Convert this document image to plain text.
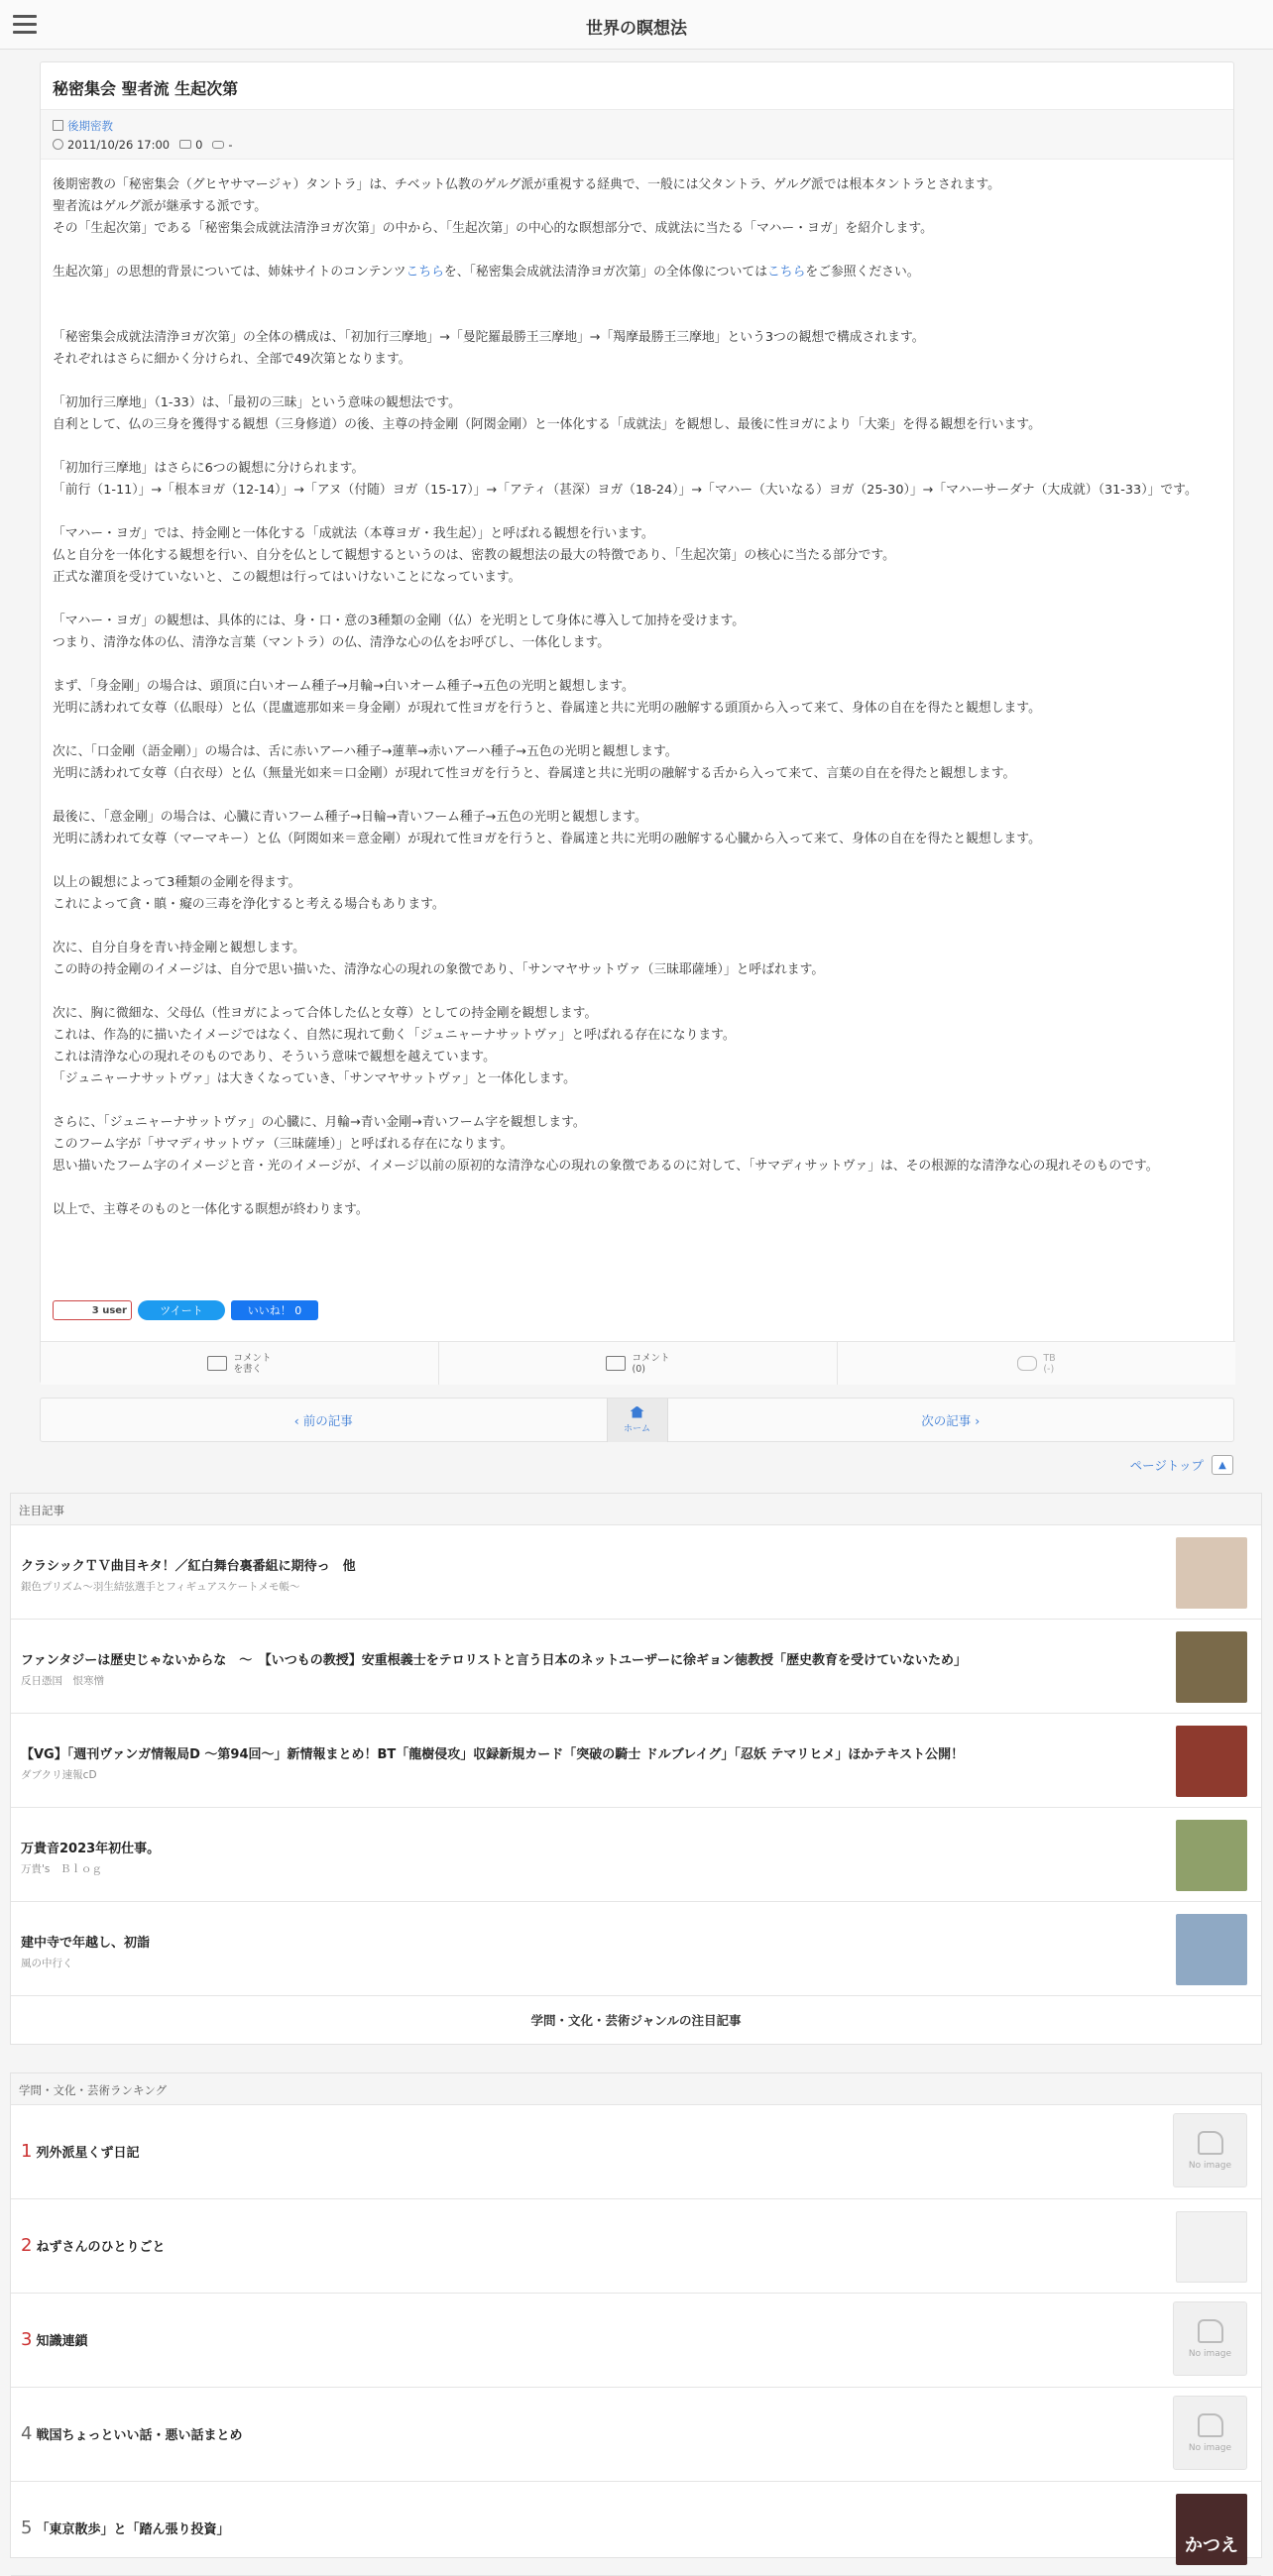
世界の瞑想法
秘密集会 聖者流 生起次第
後期密教
2011/10/26 17:00 0 -

後期密教の「秘密集会（グヒヤサマージャ）タントラ」は、チベット仏教のゲルグ派が重視する経典で、一般には父タントラ、ゲルグ派では根本タントラとされます。
聖者流はゲルグ派が継承する派です。
その「生起次第」である「秘密集会成就法清浄ヨガ次第」の中から、「生起次第」の中心的な瞑想部分で、成就法に当たる「マハー・ヨガ」を紹介します。

生起次第」の思想的背景については、姉妹サイトのコンテンツこちらを、「秘密集会成就法清浄ヨガ次第」の全体像についてはこちらをご参照ください。

「秘密集会成就法清浄ヨガ次第」の全体の構成は、「初加行三摩地」→「曼陀羅最勝王三摩地」→「羯摩最勝王三摩地」という3つの観想で構成されます。
それぞれはさらに細かく分けられ、全部で49次第となります。

「初加行三摩地」（1-33）は、「最初の三昧」という意味の観想法です。
自利として、仏の三身を獲得する観想（三身修道）の後、主尊の持金剛（阿閦金剛）と一体化する「成就法」を観想し、最後に性ヨガにより「大楽」を得る観想を行います。

「初加行三摩地」はさらに6つの観想に分けられます。
「前行（1-11）」→「根本ヨガ（12-14）」→「アヌ（付随）ヨガ（15-17）」→「アティ（甚深）ヨガ（18-24）」→「マハー（大いなる）ヨガ（25-30）」→「マハーサーダナ（大成就）（31-33）」です。

「マハー・ヨガ」では、持金剛と一体化する「成就法（本尊ヨガ・我生起）」と呼ばれる観想を行います。
仏と自分を一体化する観想を行い、自分を仏として観想するというのは、密教の観想法の最大の特徴であり、「生起次第」の核心に当たる部分です。
正式な灌頂を受けていないと、この観想は行ってはいけないことになっています。

「マハー・ヨガ」の観想は、具体的には、身・口・意の3種類の金剛（仏）を光明として身体に導入して加持を受けます。
つまり、清浄な体の仏、清浄な言葉（マントラ）の仏、清浄な心の仏をお呼びし、一体化します。

まず、「身金剛」の場合は、頭頂に白いオーム種子→月輪→白いオーム種子→五色の光明と観想します。
光明に誘われて女尊（仏眼母）と仏（毘盧遮那如来＝身金剛）が現れて性ヨガを行うと、眷属達と共に光明の融解する頭頂から入って来て、身体の自在を得たと観想します。

次に、「口金剛（語金剛）」の場合は、舌に赤いアーハ種子→蓮華→赤いアーハ種子→五色の光明と観想します。
光明に誘われて女尊（白衣母）と仏（無量光如来＝口金剛）が現れて性ヨガを行うと、眷属達と共に光明の融解する舌から入って来て、言葉の自在を得たと観想します。

最後に、「意金剛」の場合は、心臓に青いフーム種子→日輪→青いフーム種子→五色の光明と観想します。
光明に誘われて女尊（マーマキー）と仏（阿閦如来＝意金剛）が現れて性ヨガを行うと、眷属達と共に光明の融解する心臓から入って来て、身体の自在を得たと観想します。

以上の観想によって3種類の金剛を得ます。
これによって貪・瞋・癡の三毒を浄化すると考える場合もあります。

次に、自分自身を青い持金剛と観想します。
この時の持金剛のイメージは、自分で思い描いた、清浄な心の現れの象徴であり、「サンマヤサットヴァ（三昧耶薩埵）」と呼ばれます。

次に、胸に微細な、父母仏（性ヨガによって合体した仏と女尊）としての持金剛を観想します。
これは、作為的に描いたイメージではなく、自然に現れて動く「ジュニャーナサットヴァ」と呼ばれる存在になります。
これは清浄な心の現れそのものであり、そういう意味で観想を越えています。
「ジュニャーナサットヴァ」は大きくなっていき、「サンマヤサットヴァ」と一体化します。

さらに、「ジュニャーナサットヴァ」の心臓に、月輪→青い金剛→青いフーム字を観想します。
このフーム字が「サマディサットヴァ（三昧薩埵）」と呼ばれる存在になります。
思い描いたフーム字のイメージと音・光のイメージが、イメージ以前の原初的な清浄な心の現れの象徴であるのに対して、「サマディサットヴァ」は、その根源的な清浄な心の現れそのものです。

以上で、主尊そのものと一体化する瞑想が終わります。

3 user	ツイート	いいね！ 0
コメント
を書く
コメント
(0)
TB
(-)
‹ 前の記事
ホーム
次の記事 ›
ページトップ	▲
注目記事
クラシックＴＶ曲目キタ！／紅白舞台裏番組に期待っ　他
銀色プリズム～羽生結弦選手とフィギュアスケートメモ帳～
ファンタジーは歴史じゃないからな　～　【いつもの教授】安重根義士をテロリストと言う日本のネットユーザーに徐ギョン徳教授「歴史教育を受けていないため」
反日憑国　恨寒憎
【VG】「週刊ヴァンガ情報局D ～第94回～」新情報まとめ！BT「龍樹侵攻」収録新規カード「突破の騎士 ドルブレイグ」「忍妖 テマリヒメ」ほかテキスト公開！
ダブクリ速報cD
万貴音2023年初仕事。
万貴's　Ｂｌｏｇ
建中寺で年越し、初詣
風の中行く
学問・文化・芸術ジャンルの注目記事
学問・文化・芸術ランキング
1 列外派星くず日記
No image
2 ねずさんのひとりごと
3 知識連鎖
No image
4 戦国ちょっといい話・悪い話まとめ
No image
5 「東京散歩」と「踏ん張り投資」
かつえ
